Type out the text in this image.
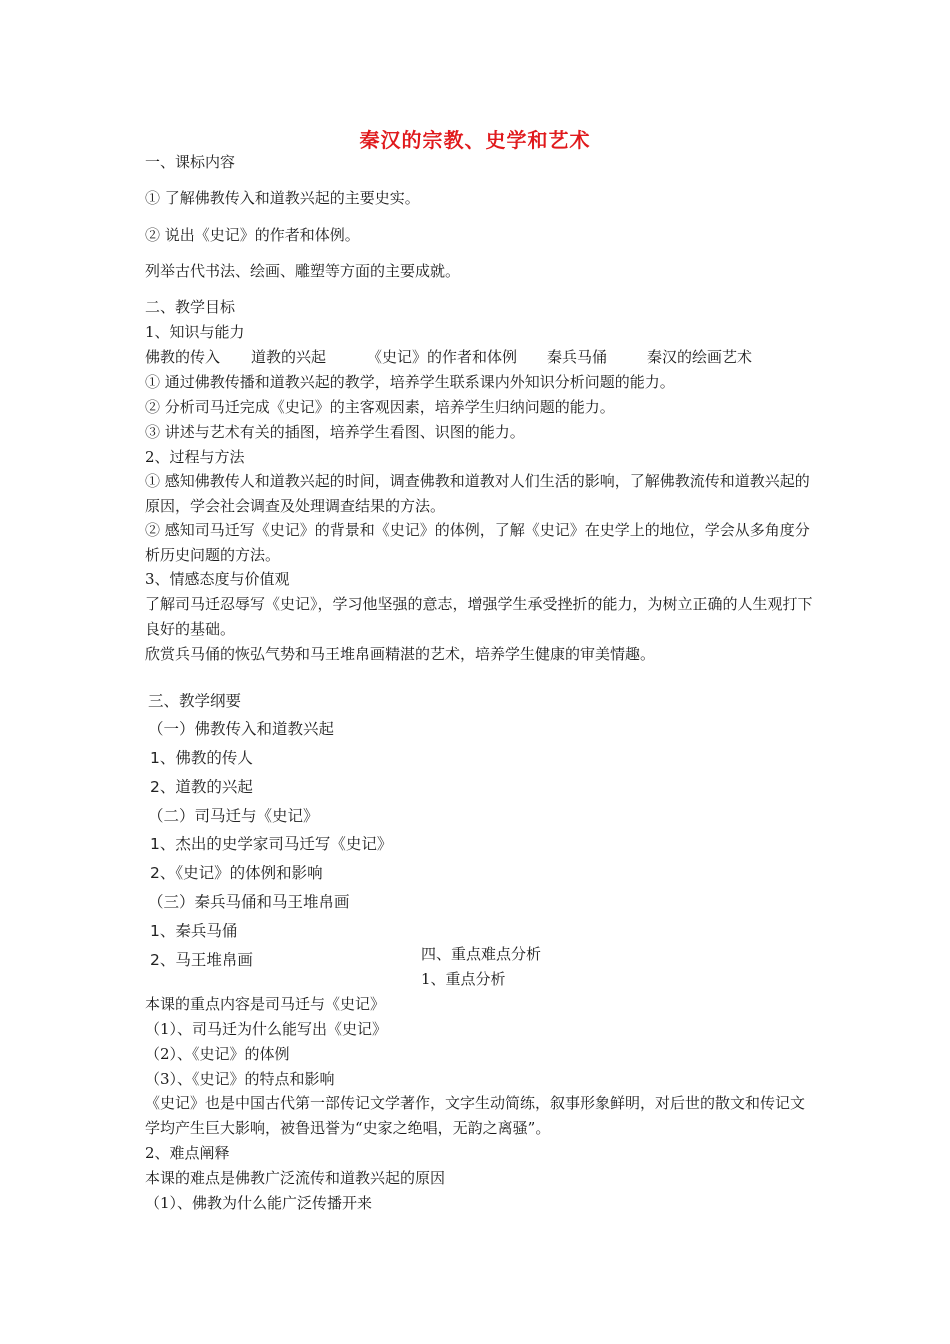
秦汉的宗教、史学和艺术
一、课标内容
① 了解佛教传入和道教兴起的主要史实。
② 说出《史记》的作者和体例。
列举古代书法、绘画、雕塑等方面的主要成就。
二、教学目标
1、知识与能力
佛教的传入 道教的兴起	《史记》的作者和体例 秦兵马俑	秦汉的绘画艺术
① 通过佛教传播和道教兴起的教学，培养学生联系课内外知识分析问题的能力。
② 分析司马迁完成《史记》的主客观因素，培养学生归纳问题的能力。
③ 讲述与艺术有关的插图，培养学生看图、识图的能力。
2、过程与方法
① 感知佛教传人和道教兴起的时间，调查佛教和道教对人们生活的影响，了解佛教流传和道教兴起的原因，学会社会调查及处理调查结果的方法。
② 感知司马迁写《史记》的背景和《史记》的体例，了解《史记》在史学上的地位，学会从多角度分析历史问题的方法。
3、情感态度与价值观
了解司马迁忍辱写《史记》，学习他坚强的意志，增强学生承受挫折的能力，为树立正确的人生观打下良好的基础。
欣赏兵马俑的恢弘气势和马王堆帛画精湛的艺术，培养学生健康的审美情趣。
三、教学纲要
（一）佛教传入和道教兴起
1、佛教的传人
2、道教的兴起
（二）司马迁与《史记》
1、杰出的史学家司马迁写《史记》
2、《史记》的体例和影响
（三）秦兵马俑和马王堆帛画
1、秦兵马俑
2、马王堆帛画	四、重点难点分析
1、重点分析
本课的重点内容是司马迁与《史记》
（1）、司马迁为什么能写出《史记》
（2）、《史记》的体例
（3）、《史记》的特点和影响
《史记》也是中国古代第一部传记文学著作，文字生动简练，叙事形象鲜明，对后世的散文和传记文学均产生巨大影响，被鲁迅誉为“史家之绝唱，无韵之离骚”。
2、难点阐释
本课的难点是佛教广泛流传和道教兴起的原因
（1）、佛教为什么能广泛传播开来
